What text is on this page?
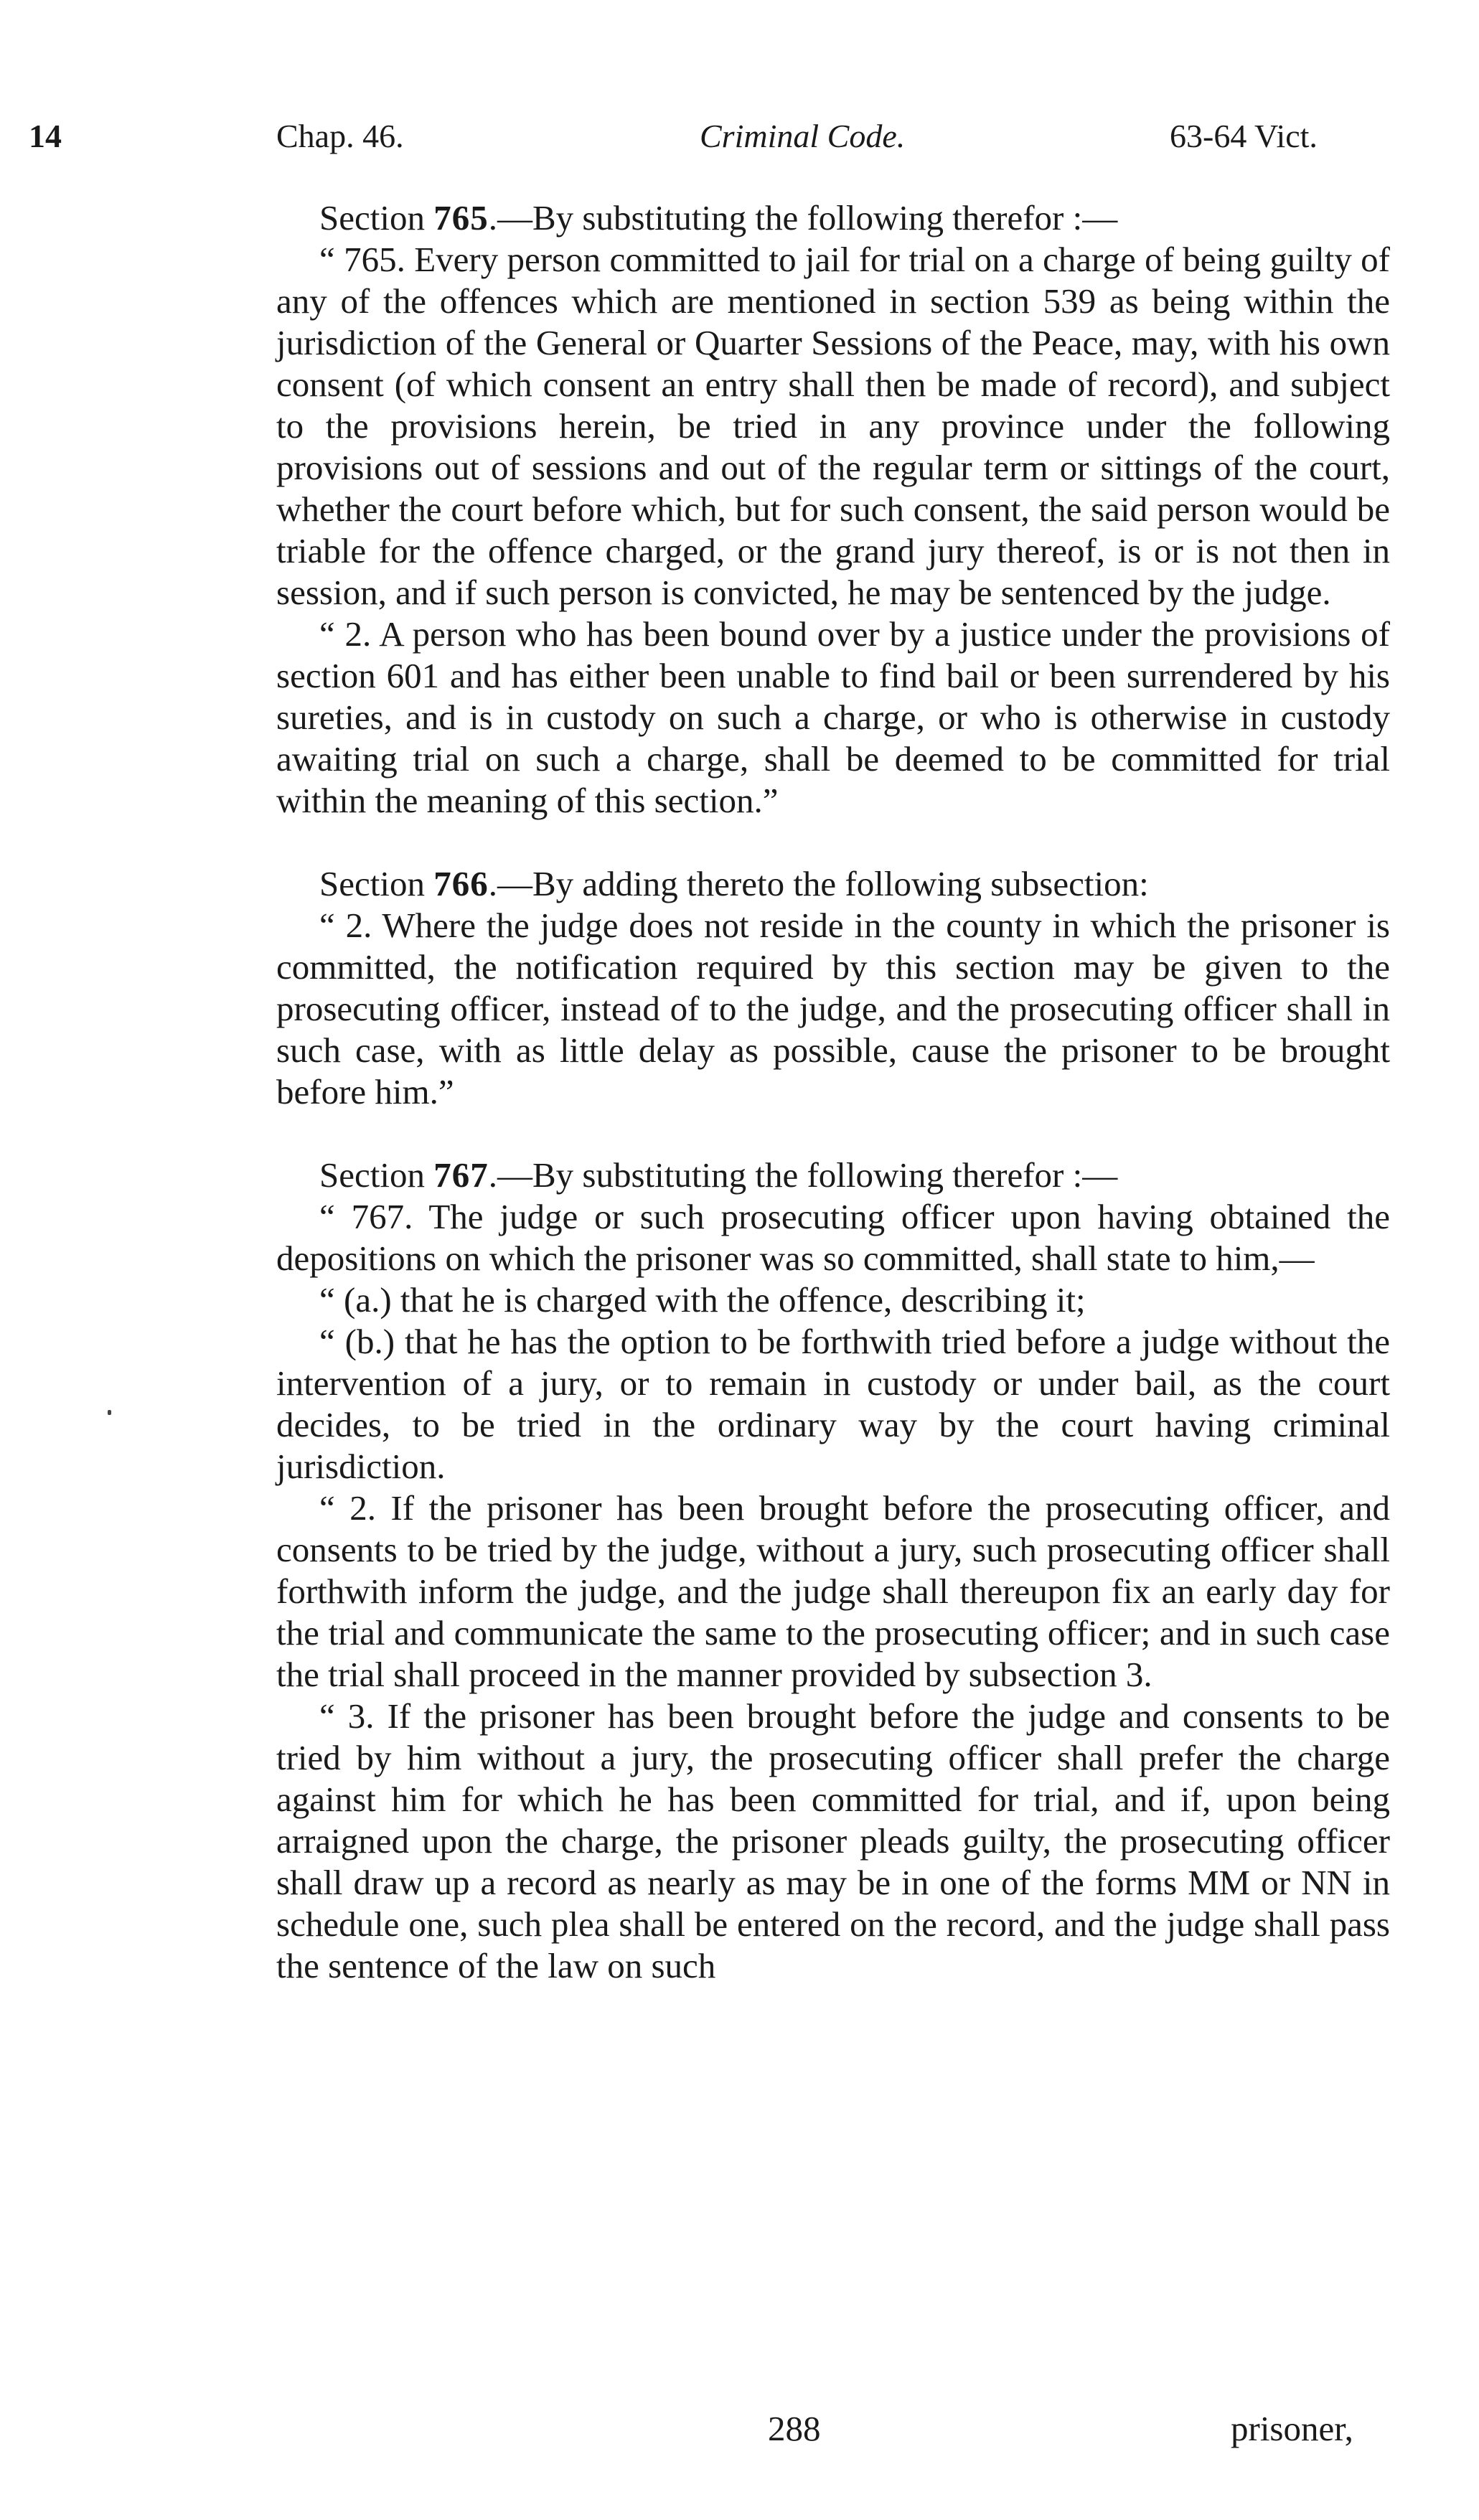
14	Chap. 46.	Criminal Code.	63-64 Vict.

Section 765.—By substituting the following therefor :—

“ 765. Every person committed to jail for trial on a charge of being guilty of any of the offences which are mentioned in section 539 as being within the jurisdiction of the General or Quarter Sessions of the Peace, may, with his own consent (of which consent an entry shall then be made of record), and subject to the provisions herein, be tried in any province under the following provisions out of sessions and out of the regular term or sittings of the court, whether the court before which, but for such consent, the said person would be triable for the offence charged, or the grand jury thereof, is or is not then in session, and if such person is convicted, he may be sentenced by the judge.

“ 2. A person who has been bound over by a justice under the provisions of section 601 and has either been unable to find bail or been surrendered by his sureties, and is in custody on such a charge, or who is otherwise in custody awaiting trial on such a charge, shall be deemed to be committed for trial within the meaning of this section.”

Section 766.—By adding thereto the following subsection:

“ 2. Where the judge does not reside in the county in which the prisoner is committed, the notification required by this section may be given to the prosecuting officer, instead of to the judge, and the prosecuting officer shall in such case, with as little delay as possible, cause the prisoner to be brought before him.”

Section 767.—By substituting the following therefor :—

“ 767. The judge or such prosecuting officer upon having obtained the depositions on which the prisoner was so committed, shall state to him,—

“ (a.) that he is charged with the offence, describing it;

“ (b.) that he has the option to be forthwith tried before a judge without the intervention of a jury, or to remain in custody or under bail, as the court decides, to be tried in the ordinary way by the court having criminal jurisdiction.

“ 2. If the prisoner has been brought before the prosecuting officer, and consents to be tried by the judge, without a jury, such prosecuting officer shall forthwith inform the judge, and the judge shall thereupon fix an early day for the trial and communicate the same to the prosecuting officer; and in such case the trial shall proceed in the manner provided by subsection 3.

“ 3. If the prisoner has been brought before the judge and consents to be tried by him without a jury, the prosecuting officer shall prefer the charge against him for which he has been committed for trial, and if, upon being arraigned upon the charge, the prisoner pleads guilty, the prosecuting officer shall draw up a record as nearly as may be in one of the forms MM or NN in schedule one, such plea shall be entered on the record, and the judge shall pass the sentence of the law on such

288	prisoner,
